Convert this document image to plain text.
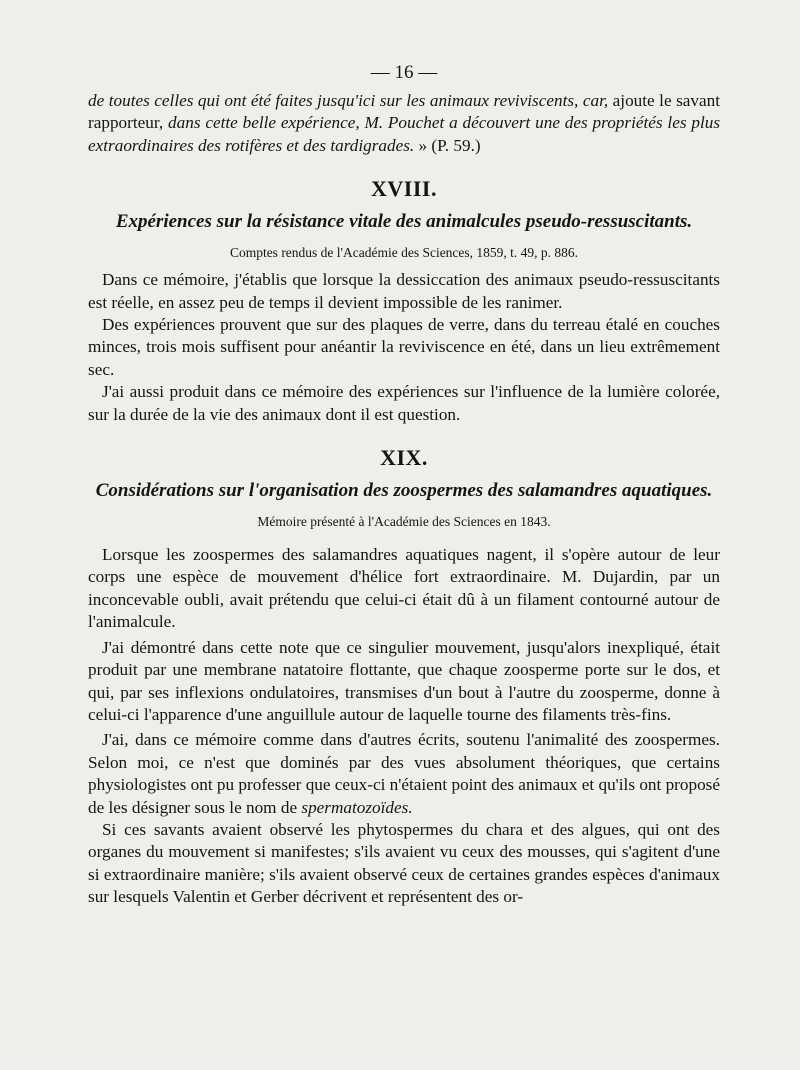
— 16 —

de toutes celles qui ont été faites jusqu'ici sur les animaux reviviscents, car, ajoute le savant rapporteur, dans cette belle expérience, M. Pouchet a découvert une des propriétés les plus extraordinaires des rotifères et des tardigrades. » (P. 59.)

XVIII.
Expériences sur la résistance vitale des animalcules pseudo-ressuscitants.
Comptes rendus de l'Académie des Sciences, 1859, t. 49, p. 886.

Dans ce mémoire, j'établis que lorsque la dessiccation des animaux pseudo-ressuscitants est réelle, en assez peu de temps il devient impossible de les ranimer.

Des expériences prouvent que sur des plaques de verre, dans du terreau étalé en couches minces, trois mois suffisent pour anéantir la reviviscence en été, dans un lieu extrêmement sec.

J'ai aussi produit dans ce mémoire des expériences sur l'influence de la lumière colorée, sur la durée de la vie des animaux dont il est question.

XIX.
Considérations sur l'organisation des zoospermes des salamandres aquatiques.
Mémoire présenté à l'Académie des Sciences en 1843.

Lorsque les zoospermes des salamandres aquatiques nagent, il s'opère autour de leur corps une espèce de mouvement d'hélice fort extraordinaire. M. Dujardin, par un inconcevable oubli, avait prétendu que celui-ci était dû à un filament contourné autour de l'animalcule.

J'ai démontré dans cette note que ce singulier mouvement, jusqu'alors inexpliqué, était produit par une membrane natatoire flottante, que chaque zoosperme porte sur le dos, et qui, par ses inflexions ondulatoires, transmises d'un bout à l'autre du zoosperme, donne à celui-ci l'apparence d'une anguillule autour de laquelle tourne des filaments très-fins.

J'ai, dans ce mémoire comme dans d'autres écrits, soutenu l'animalité des zoospermes. Selon moi, ce n'est que dominés par des vues absolument théoriques, que certains physiologistes ont pu professer que ceux-ci n'étaient point des animaux et qu'ils ont proposé de les désigner sous le nom de spermatozoïdes.

Si ces savants avaient observé les phytospermes du chara et des algues, qui ont des organes du mouvement si manifestes; s'ils avaient vu ceux des mousses, qui s'agitent d'une si extraordinaire manière; s'ils avaient observé ceux de certaines grandes espèces d'animaux sur lesquels Valentin et Gerber décrivent et représentent des or-
